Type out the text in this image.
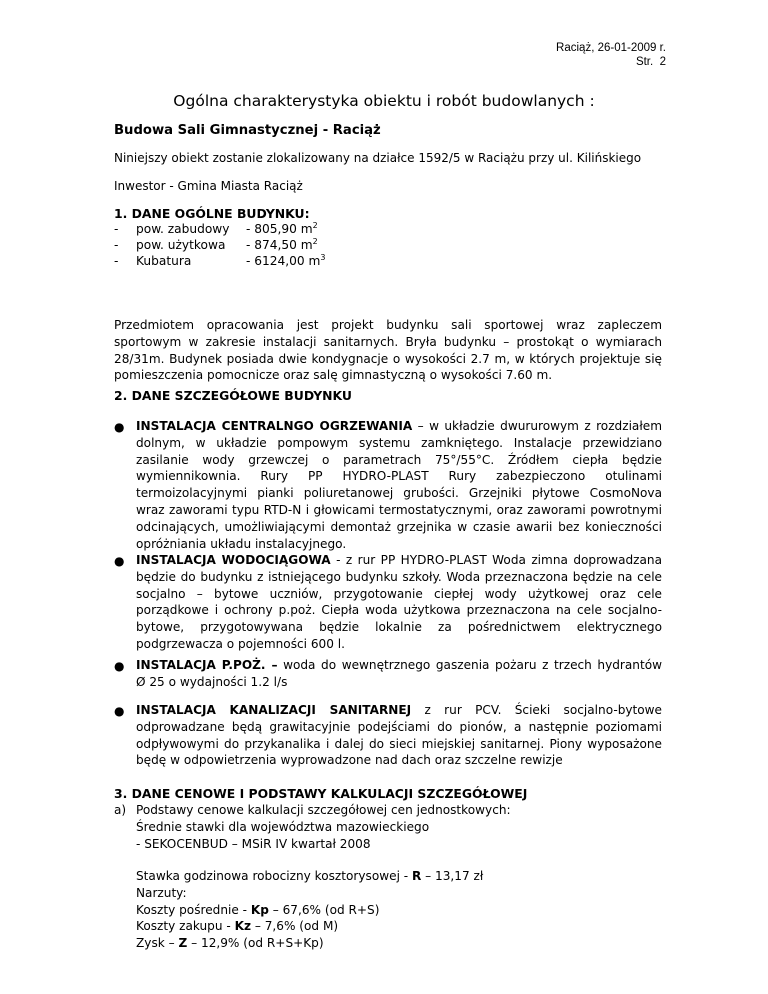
Raciąż, 26-01-2009 r.
Str. 2
Ogólna charakterystyka obiektu i robót budowlanych :
Budowa Sali Gimnastycznej - Raciąż
Niniejszy obiekt zostanie zlokalizowany na działce 1592/5 w Raciążu przy ul. Kilińskiego
Inwestor - Gmina Miasta Raciąż
1. DANE OGÓLNE BUDYNKU:
- pow. zabudowy - 805,90 $m^2$
- pow. użytkowa - 874,50 $m^2$
- Kubatura	- 6124,00 $m^3$
Przedmiotem opracowania jest projekt budynku sali sportowej wraz zapleczem
sportowym w zakresie instalacji sanitarnych. Bryła budynku – prostokąt o wymiarach
28/31m. Budynek posiada dwie kondygnacje o wysokości 2.7 m, w których projektuje się
pomieszczenia pomocnicze oraz salę gimnastyczną o wysokości 7.60 m.
2. DANE SZCZEGÓŁOWE BUDYNKU
● INSTALACJA CENTRALNGO OGRZEWANIA – w układzie dwururowym z rozdziałem
dolnym, w układzie pompowym systemu zamkniętego. Instalacje przewidziano
zasilanie wody grzewczej o parametrach 75°/55°C. Źródłem ciepła będzie
wymiennikownia. Rury PP HYDRO-PLAST Rury zabezpieczono otulinami
termoizolacyjnymi pianki poliuretanowej grubości. Grzejniki płytowe CosmoNova
wraz zaworami typu RTD-N i głowicami termostatycznymi, oraz zaworami powrotnymi
odcinających, umożliwiającymi demontaż grzejnika w czasie awarii bez konieczności
opróżniania układu instalacyjnego.
● INSTALACJA WODOCIĄGOWA - z rur PP HYDRO-PLAST Woda zimna doprowadzana
będzie do budynku z istniejącego budynku szkoły. Woda przeznaczona będzie na cele
socjalno – bytowe uczniów, przygotowanie ciepłej wody użytkowej oraz cele
porządkowe i ochrony p.poż. Ciepła woda użytkowa przeznaczona na cele socjalno-
bytowe, przygotowywana będzie lokalnie za pośrednictwem elektrycznego
podgrzewacza o pojemności 600 l.
● INSTALACJA P.POŻ. – woda do wewnętrznego gaszenia pożaru z trzech hydrantów
Ø 25 o wydajności 1.2 l/s
● INSTALACJA KANALIZACJI SANITARNEJ z rur PCV. Ścieki socjalno-bytowe
odprowadzane będą grawitacyjnie podejściami do pionów, a następnie poziomami
odpływowymi do przykanalika i dalej do sieci miejskiej sanitarnej. Piony wyposażone
będę w odpowietrzenia wyprowadzone nad dach oraz szczelne rewizje
3. DANE CENOWE I PODSTAWY KALKULACJI SZCZEGÓŁOWEJ
a) Podstawy cenowe kalkulacji szczegółowej cen jednostkowych:
Średnie stawki dla województwa mazowieckiego
- SEKOCENBUD – MSiR IV kwartał 2008
Stawka godzinowa robocizny kosztorysowej - R – 13,17 zł
Narzuty:
Koszty pośrednie - Kp – 67,6% (od R+S)
Koszty zakupu - Kz – 7,6% (od M)
Zysk – Z – 12,9% (od R+S+Kp)
